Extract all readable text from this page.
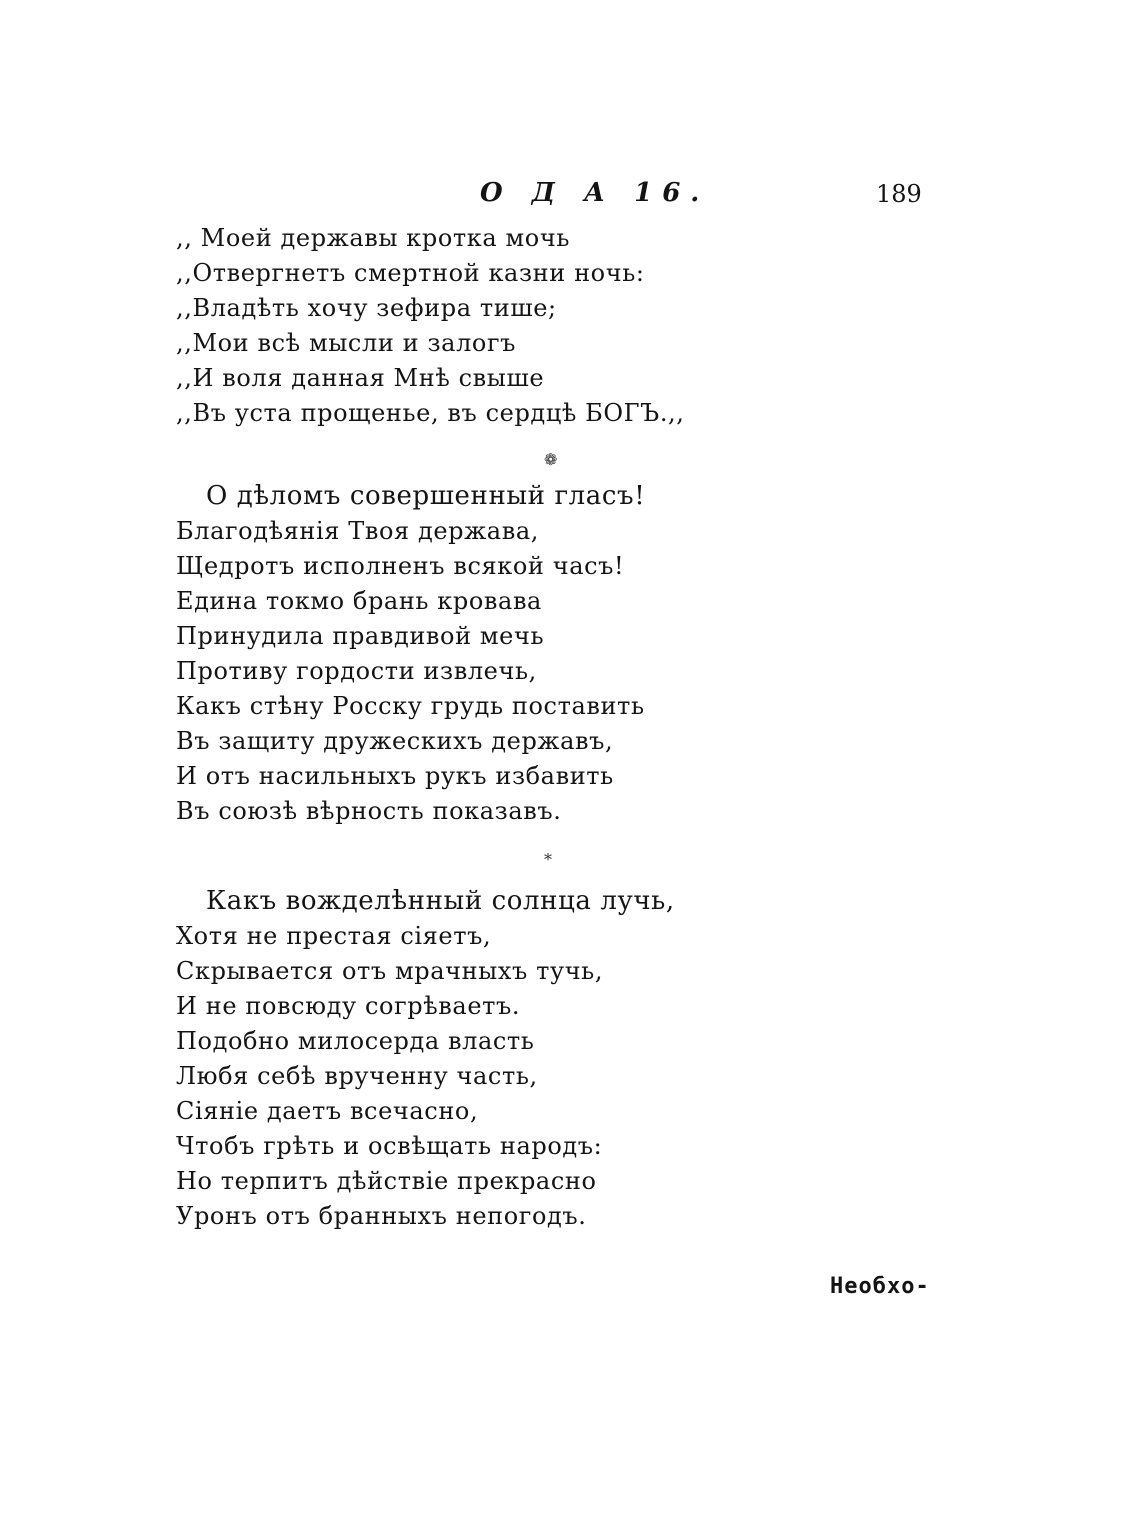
О Д А 16.	189
,, Моей державы кротка мочь
,,Отвергнетъ смертной казни ночь:
,,Владѣть хочу зефира тише;
,,Мои всѣ мысли и залогъ
,,И воля данная Мнѣ свыше
,,Въ уста прощенье, въ сердцѣ БОГЪ.,,
❁
О дѣломъ совершенный гласъ!
Благодѣянія Твоя держава,
Щедротъ исполненъ всякой часъ!
Едина токмо брань кровава
Принудила правдивой мечь
Противу гордости извлечь,
Какъ стѣну Росску грудь поставить
Въ защиту дружескихъ державъ,
И отъ насильныхъ рукъ избавить
Въ союзѣ вѣрность показавъ.
*
Какъ вожделѣнный солнца лучь,
Хотя не престая сіяетъ,
Скрывается отъ мрачныхъ тучь,
И не повсюду согрѣваетъ.
Подобно милосерда власть
Любя себѣ врученну часть,
Сіяніе даетъ всечасно,
Чтобъ грѣть и освѣщать народъ:
Но терпитъ дѣйствіе прекрасно
Уронъ отъ бранныхъ непогодъ.
Необхо-
